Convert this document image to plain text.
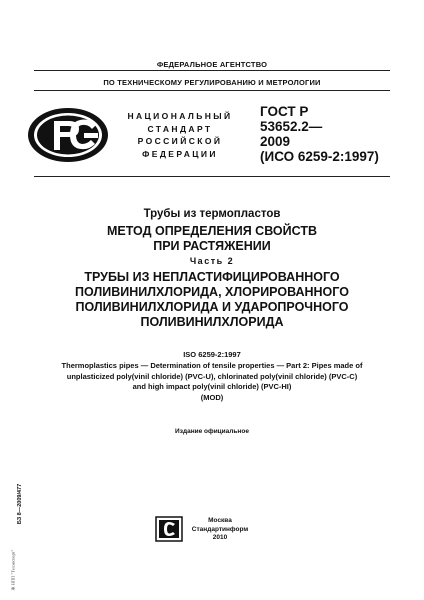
ФЕДЕРАЛЬНОЕ АГЕНТСТВО
ПО ТЕХНИЧЕСКОМУ РЕГУЛИРОВАНИЮ И МЕТРОЛОГИИ
НАЦИОНАЛЬНЫЙ
СТАНДАРТ
РОССИЙСКОЙ
ФЕДЕРАЦИИ
ГОСТ Р
53652.2—
2009
(ИСО 6259-2:1997)
Трубы из термопластов
МЕТОД ОПРЕДЕЛЕНИЯ СВОЙСТВ
ПРИ РАСТЯЖЕНИИ
Часть 2
ТРУБЫ ИЗ НЕПЛАСТИФИЦИРОВАННОГО
ПОЛИВИНИЛХЛОРИДА, ХЛОРИРОВАННОГО
ПОЛИВИНИЛХЛОРИДА И УДАРОПРОЧНОГО
ПОЛИВИНИЛХЛОРИДА
ISO 6259-2:1997
Thermoplastics pipes — Determination of tensile properties — Part 2: Pipes made of
unplasticized poly(vinil chloride) (PVC-U), chlorinated poly(vinil chloride) (PVC-C)
and high impact poly(vinil chloride) (PVC-HI)
(MOD)
Издание официальное
БЗ 8—2009/477
Ж НПП "Техэксперт"
Москва
Стандартинформ
2010
